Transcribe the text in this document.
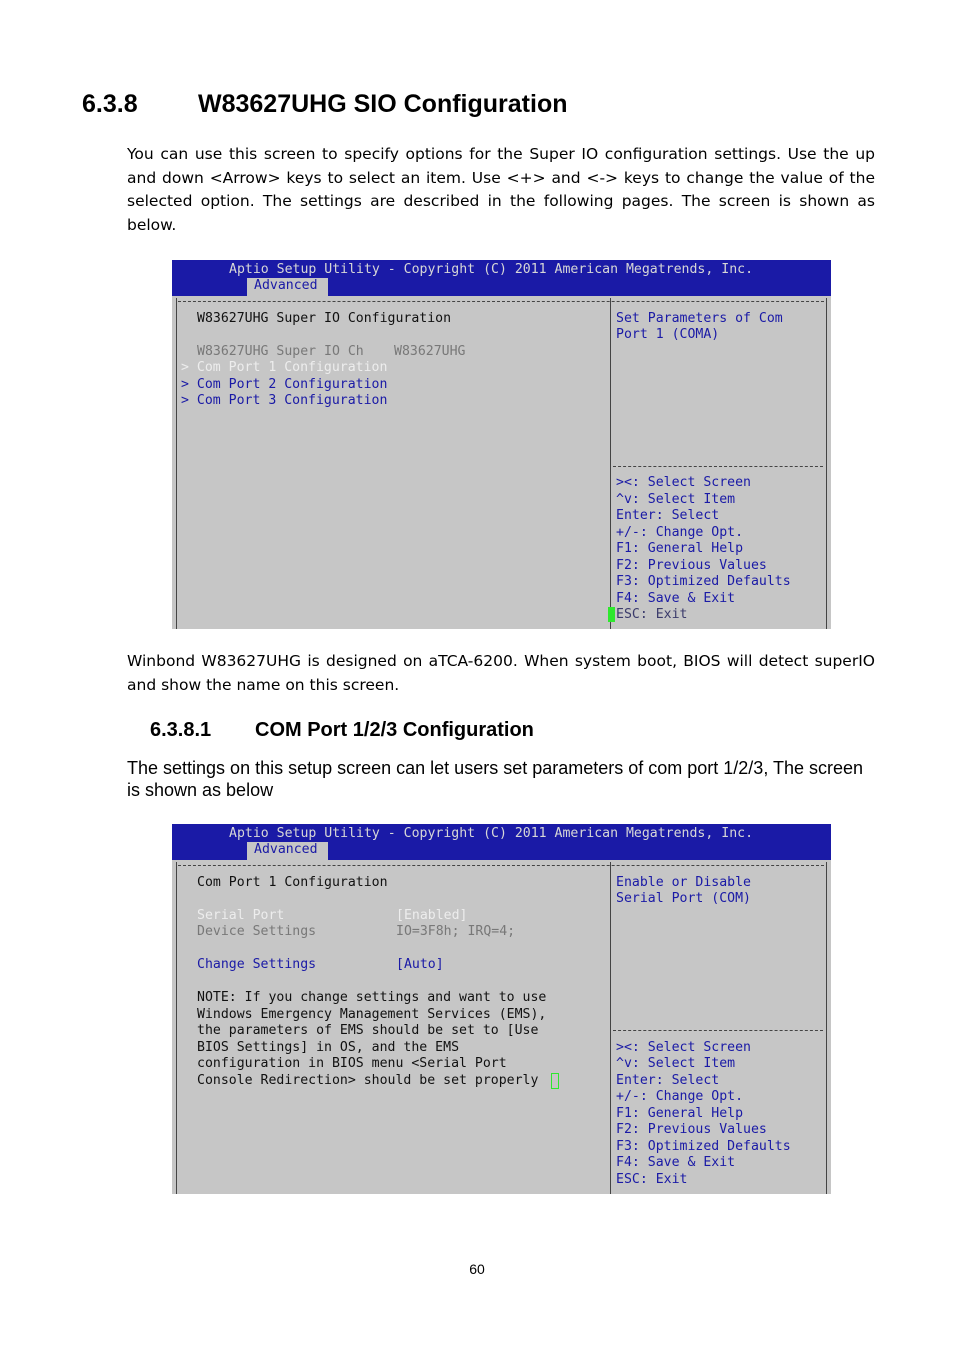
6.3.8 W83627UHG SIO Configuration

You can use this screen to specify options for the Super IO configuration settings. Use the up and down <Arrow> keys to select an item. Use <+> and <-> keys to change the value of the selected option. The settings are described in the following pages. The screen is shown as below.

Aptio Setup Utility - Copyright (C) 2011 American Megatrends, Inc.
Advanced
W83627UHG Super IO Configuration
W83627UHG Super IO Ch W83627UHG
> Com Port 1 Configuration
> Com Port 2 Configuration
> Com Port 3 Configuration
Set Parameters of Com
Port 1 (COMA)
><: Select Screen
^v: Select Item
Enter: Select
+/-: Change Opt.
F1: General Help
F2: Previous Values
F3: Optimized Defaults
F4: Save & Exit
ESC: Exit

Winbond W83627UHG is designed on aTCA-6200. When system boot, BIOS will detect superIO and show the name on this screen.

6.3.8.1 COM Port 1/2/3 Configuration

The settings on this setup screen can let users set parameters of com port 1/2/3, The screen is shown as below

Aptio Setup Utility - Copyright (C) 2011 American Megatrends, Inc.
Advanced
Com Port 1 Configuration
Serial Port	[Enabled]
Device Settings	IO=3F8h; IRQ=4;
Change Settings	[Auto]
NOTE: If you change settings and want to use
Windows Emergency Management Services (EMS),
the parameters of EMS should be set to [Use
BIOS Settings] in OS, and the EMS
configuration in BIOS menu <Serial Port
Console Redirection> should be set properly
Enable or Disable
Serial Port (COM)
><: Select Screen
^v: Select Item
Enter: Select
+/-: Change Opt.
F1: General Help
F2: Previous Values
F3: Optimized Defaults
F4: Save & Exit
ESC: Exit
60
